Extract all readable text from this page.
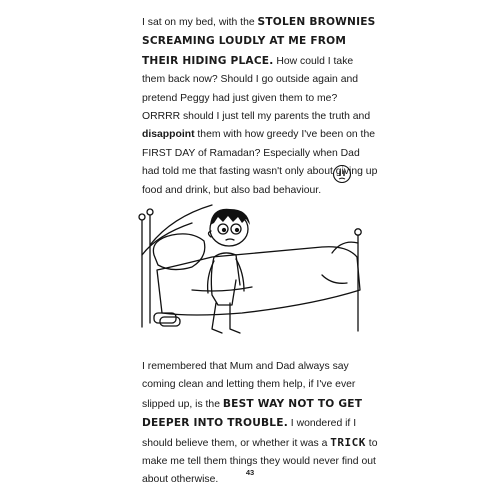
I sat on my bed, with the STOLEN BROWNIES SCREAMING LOUDLY AT ME FROM THEIR HIDING PLACE. How could I take them back now? Should I go outside again and pretend Peggy had just given them to me? ORRRR should I just tell my parents the truth and disappoint them with how greedy I've been on the FIRST DAY of Ramadan? Especially when Dad had told me that fasting wasn't only about giving up food and drink, but also bad behaviour.

I remembered that Mum and Dad always say coming clean and letting them help, if I've ever slipped up, is the BEST WAY NOT TO GET DEEPER INTO TROUBLE. I wondered if I should believe them, or whether it was a TRICK to make me tell them things they would never find out about otherwise.

43
